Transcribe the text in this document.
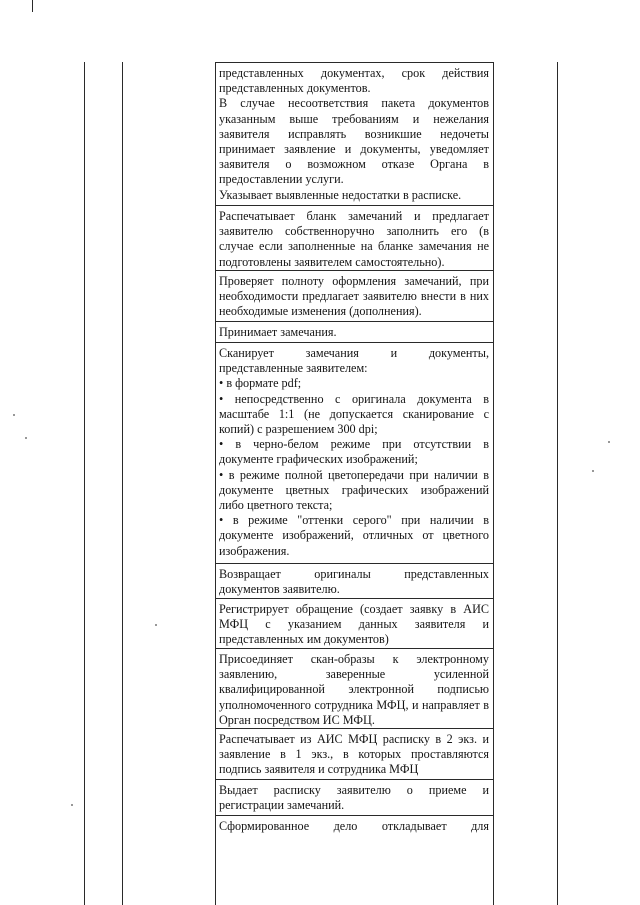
представленных документах, срок действия представленных документов.

В случае несоответствия пакета документов указанным выше требованиям и нежелания заявителя исправлять возникшие недочеты принимает заявление и документы, уведомляет заявителя о возможном отказе Органа в предоставлении услуги.

Указывает выявленные недостатки в расписке.

Распечатывает бланк замечаний и предлагает заявителю собственноручно заполнить его (в случае если заполненные на бланке замечания не подготовлены заявителем самостоятельно).

Проверяет полноту оформления замечаний, при необходимости предлагает заявителю внести в них необходимые изменения (дополнения).

Принимает замечания.

Сканирует замечания и документы, представленные заявителем:

• в формате pdf;
• непосредственно с оригинала документа в масштабе 1:1 (не допускается сканирование с копий) с разрешением 300 dpi;
• в черно-белом режиме при отсутствии в документе графических изображений;
• в режиме полной цветопередачи при наличии в документе цветных графических изображений либо цветного текста;
• в режиме "оттенки серого" при наличии в документе изображений, отличных от цветного изображения.

Возвращает оригиналы представленных документов заявителю.

Регистрирует обращение (создает заявку в АИС МФЦ с указанием данных заявителя и представленных им документов)

Присоединяет скан-образы к электронному заявлению, заверенные усиленной квалифицированной электронной подписью уполномоченного сотрудника МФЦ, и направляет в Орган посредством ИС МФЦ.

Распечатывает из АИС МФЦ расписку в 2 экз. и заявление в 1 экз., в которых проставляются подпись заявителя и сотрудника МФЦ

Выдает расписку заявителю о приеме и регистрации замечаний.

Сформированное дело откладывает для
